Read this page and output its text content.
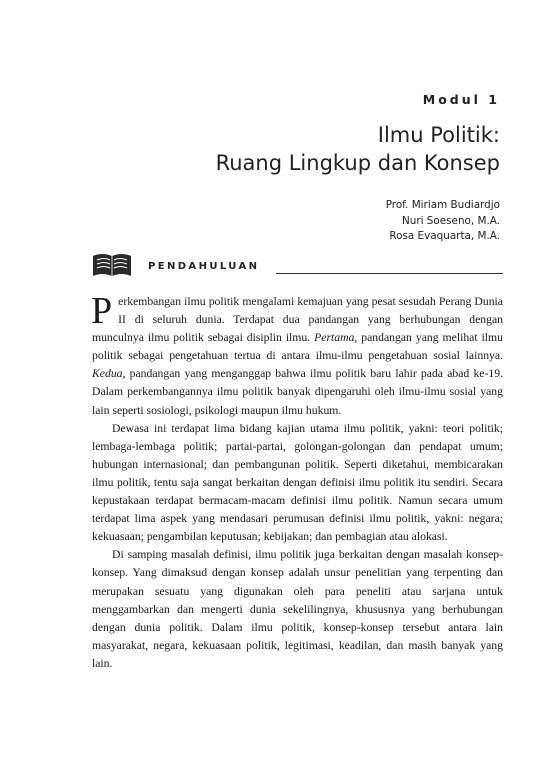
Modul 1
Ilmu Politik:
Ruang Lingkup dan Konsep
Prof. Miriam Budiardjo
Nuri Soeseno, M.A.
Rosa Evaquarta, M.A.
PENDAHULUAN

Perkembangan ilmu politik mengalami kemajuan yang pesat sesudah Perang Dunia II di seluruh dunia. Terdapat dua pandangan yang berhubungan dengan munculnya ilmu politik sebagai disiplin ilmu. Pertama, pandangan yang melihat ilmu politik sebagai pengetahuan tertua di antara ilmu-ilmu pengetahuan sosial lainnya. Kedua, pandangan yang menganggap bahwa ilmu politik baru lahir pada abad ke-19. Dalam perkembangannya ilmu politik banyak dipengaruhi oleh ilmu-ilmu sosial yang lain seperti sosiologi, psikologi maupun ilmu hukum.

Dewasa ini terdapat lima bidang kajian utama ilmu politik, yakni: teori politik; lembaga-lembaga politik; partai-partai, golongan-golongan dan pendapat umum; hubungan internasional; dan pembangunan politik. Seperti diketahui, membicarakan ilmu politik, tentu saja sangat berkaitan dengan definisi ilmu politik itu sendiri. Secara kepustakaan terdapat bermacam-macam definisi ilmu politik. Namun secara umum terdapat lima aspek yang mendasari perumusan definisi ilmu politik, yakni: negara; kekuasaan; pengambilan keputusan; kebijakan; dan pembagian atau alokasi.

Di samping masalah definisi, ilmu politik juga berkaitan dengan masalah konsep-konsep. Yang dimaksud dengan konsep adalah unsur penelitian yang terpenting dan merupakan sesuatu yang digunakan oleh para peneliti atau sarjana untuk menggambarkan dan mengerti dunia sekelilingnya, khususnya yang berhubungan dengan dunia politik. Dalam ilmu politik, konsep-konsep tersebut antara lain masyarakat, negara, kekuasaan politik, legitimasi, keadilan, dan masih banyak yang lain.
